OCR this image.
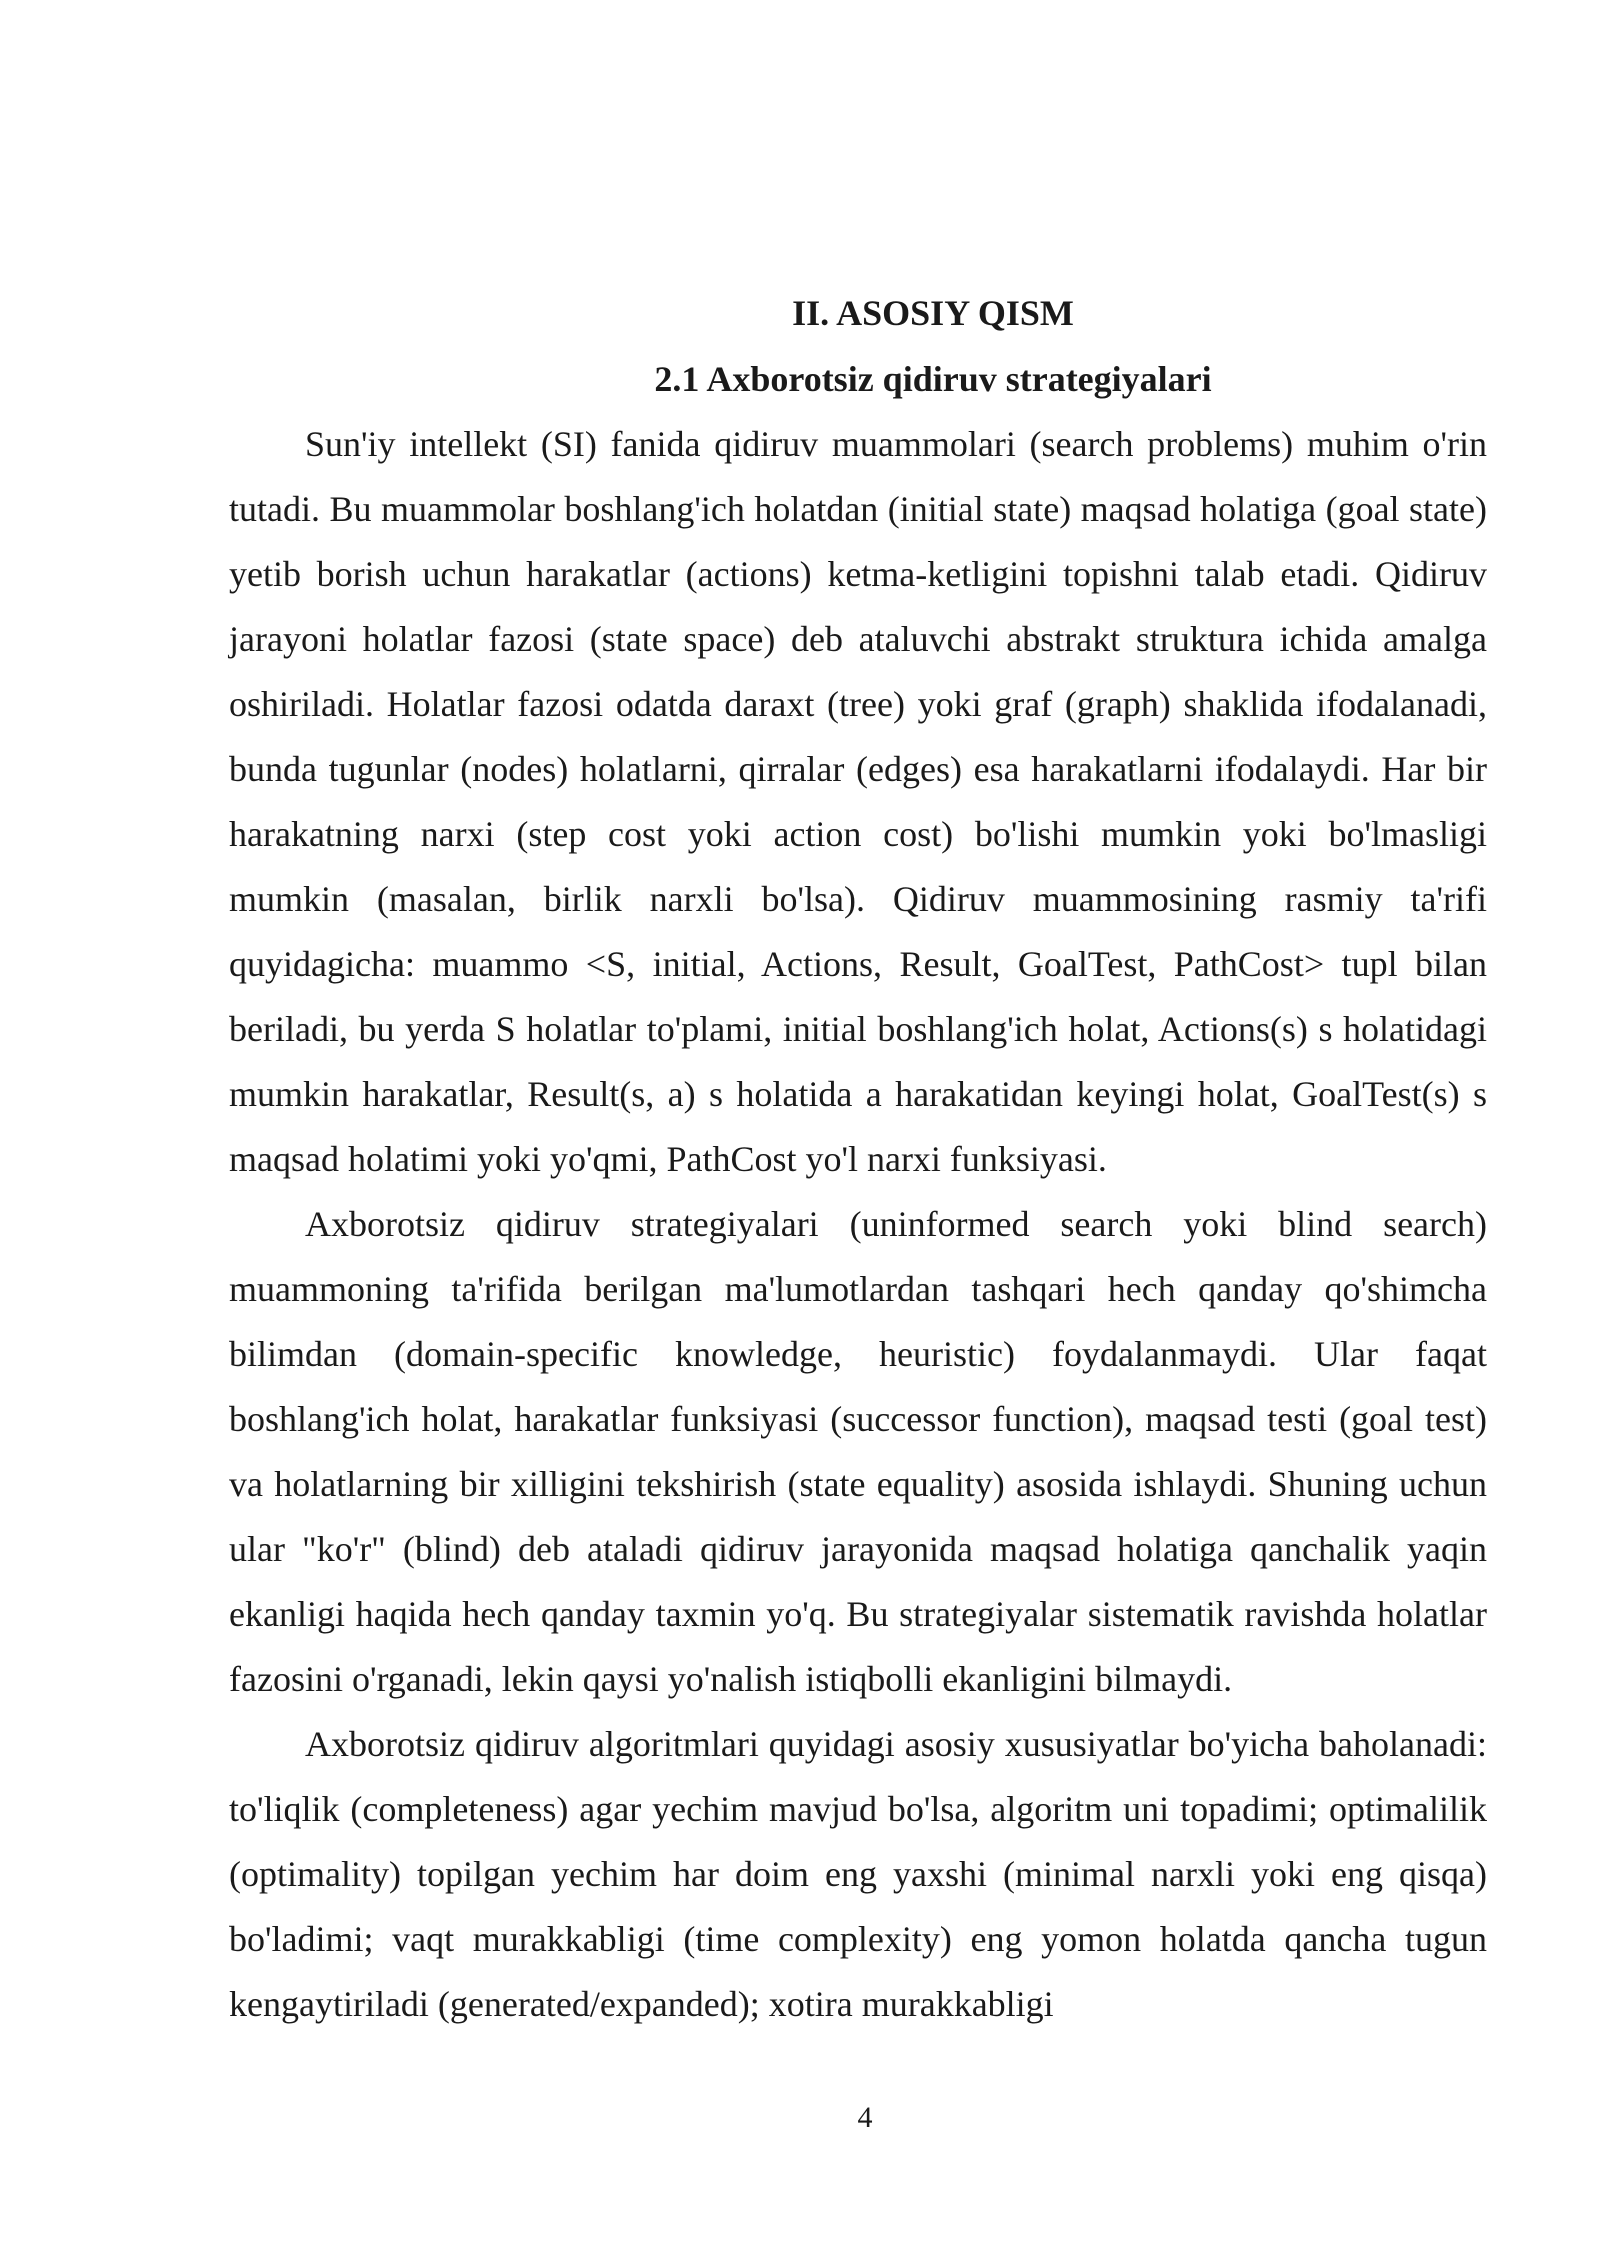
II. ASOSIY QISM
2.1 Axborotsiz qidiruv strategiyalari

Sun'iy intellekt (SI) fanida qidiruv muammolari (search problems) muhim o'rin tutadi. Bu muammolar boshlang'ich holatdan (initial state) maqsad holatiga (goal state) yetib borish uchun harakatlar (actions) ketma-ketligini topishni talab etadi. Qidiruv jarayoni holatlar fazosi (state space) deb ataluvchi abstrakt struktura ichida amalga oshiriladi. Holatlar fazosi odatda daraxt (tree) yoki graf (graph) shaklida ifodalanadi, bunda tugunlar (nodes) holatlarni, qirralar (edges) esa harakatlarni ifodalaydi. Har bir harakatning narxi (step cost yoki action cost) bo'lishi mumkin yoki bo'lmasligi mumkin (masalan, birlik narxli bo'lsa). Qidiruv muammosining rasmiy ta'rifi quyidagicha: muammo <S, initial, Actions, Result, GoalTest, PathCost> tupl bilan beriladi, bu yerda S holatlar to'plami, initial boshlang'ich holat, Actions(s) s holatidagi mumkin harakatlar, Result(s, a) s holatida a harakatidan keyingi holat, GoalTest(s) s maqsad holatimi yoki yo'qmi, PathCost yo'l narxi funksiyasi.

Axborotsiz qidiruv strategiyalari (uninformed search yoki blind search) muammoning ta'rifida berilgan ma'lumotlardan tashqari hech qanday qo'shimcha bilimdan (domain-specific knowledge, heuristic) foydalanmaydi. Ular faqat boshlang'ich holat, harakatlar funksiyasi (successor function), maqsad testi (goal test) va holatlarning bir xilligini tekshirish (state equality) asosida ishlaydi. Shuning uchun ular "ko'r" (blind) deb ataladi qidiruv jarayonida maqsad holatiga qanchalik yaqin ekanligi haqida hech qanday taxmin yo'q. Bu strategiyalar sistematik ravishda holatlar fazosini o'rganadi, lekin qaysi yo'nalish istiqbolli ekanligini bilmaydi.

Axborotsiz qidiruv algoritmlari quyidagi asosiy xususiyatlar bo'yicha baholanadi: to'liqlik (completeness) agar yechim mavjud bo'lsa, algoritm uni topadimi; optimalilik (optimality) topilgan yechim har doim eng yaxshi (minimal narxli yoki eng qisqa) bo'ladimi; vaqt murakkabligi (time complexity) eng yomon holatda qancha tugun kengaytiriladi (generated/expanded); xotira murakkabligi

4
